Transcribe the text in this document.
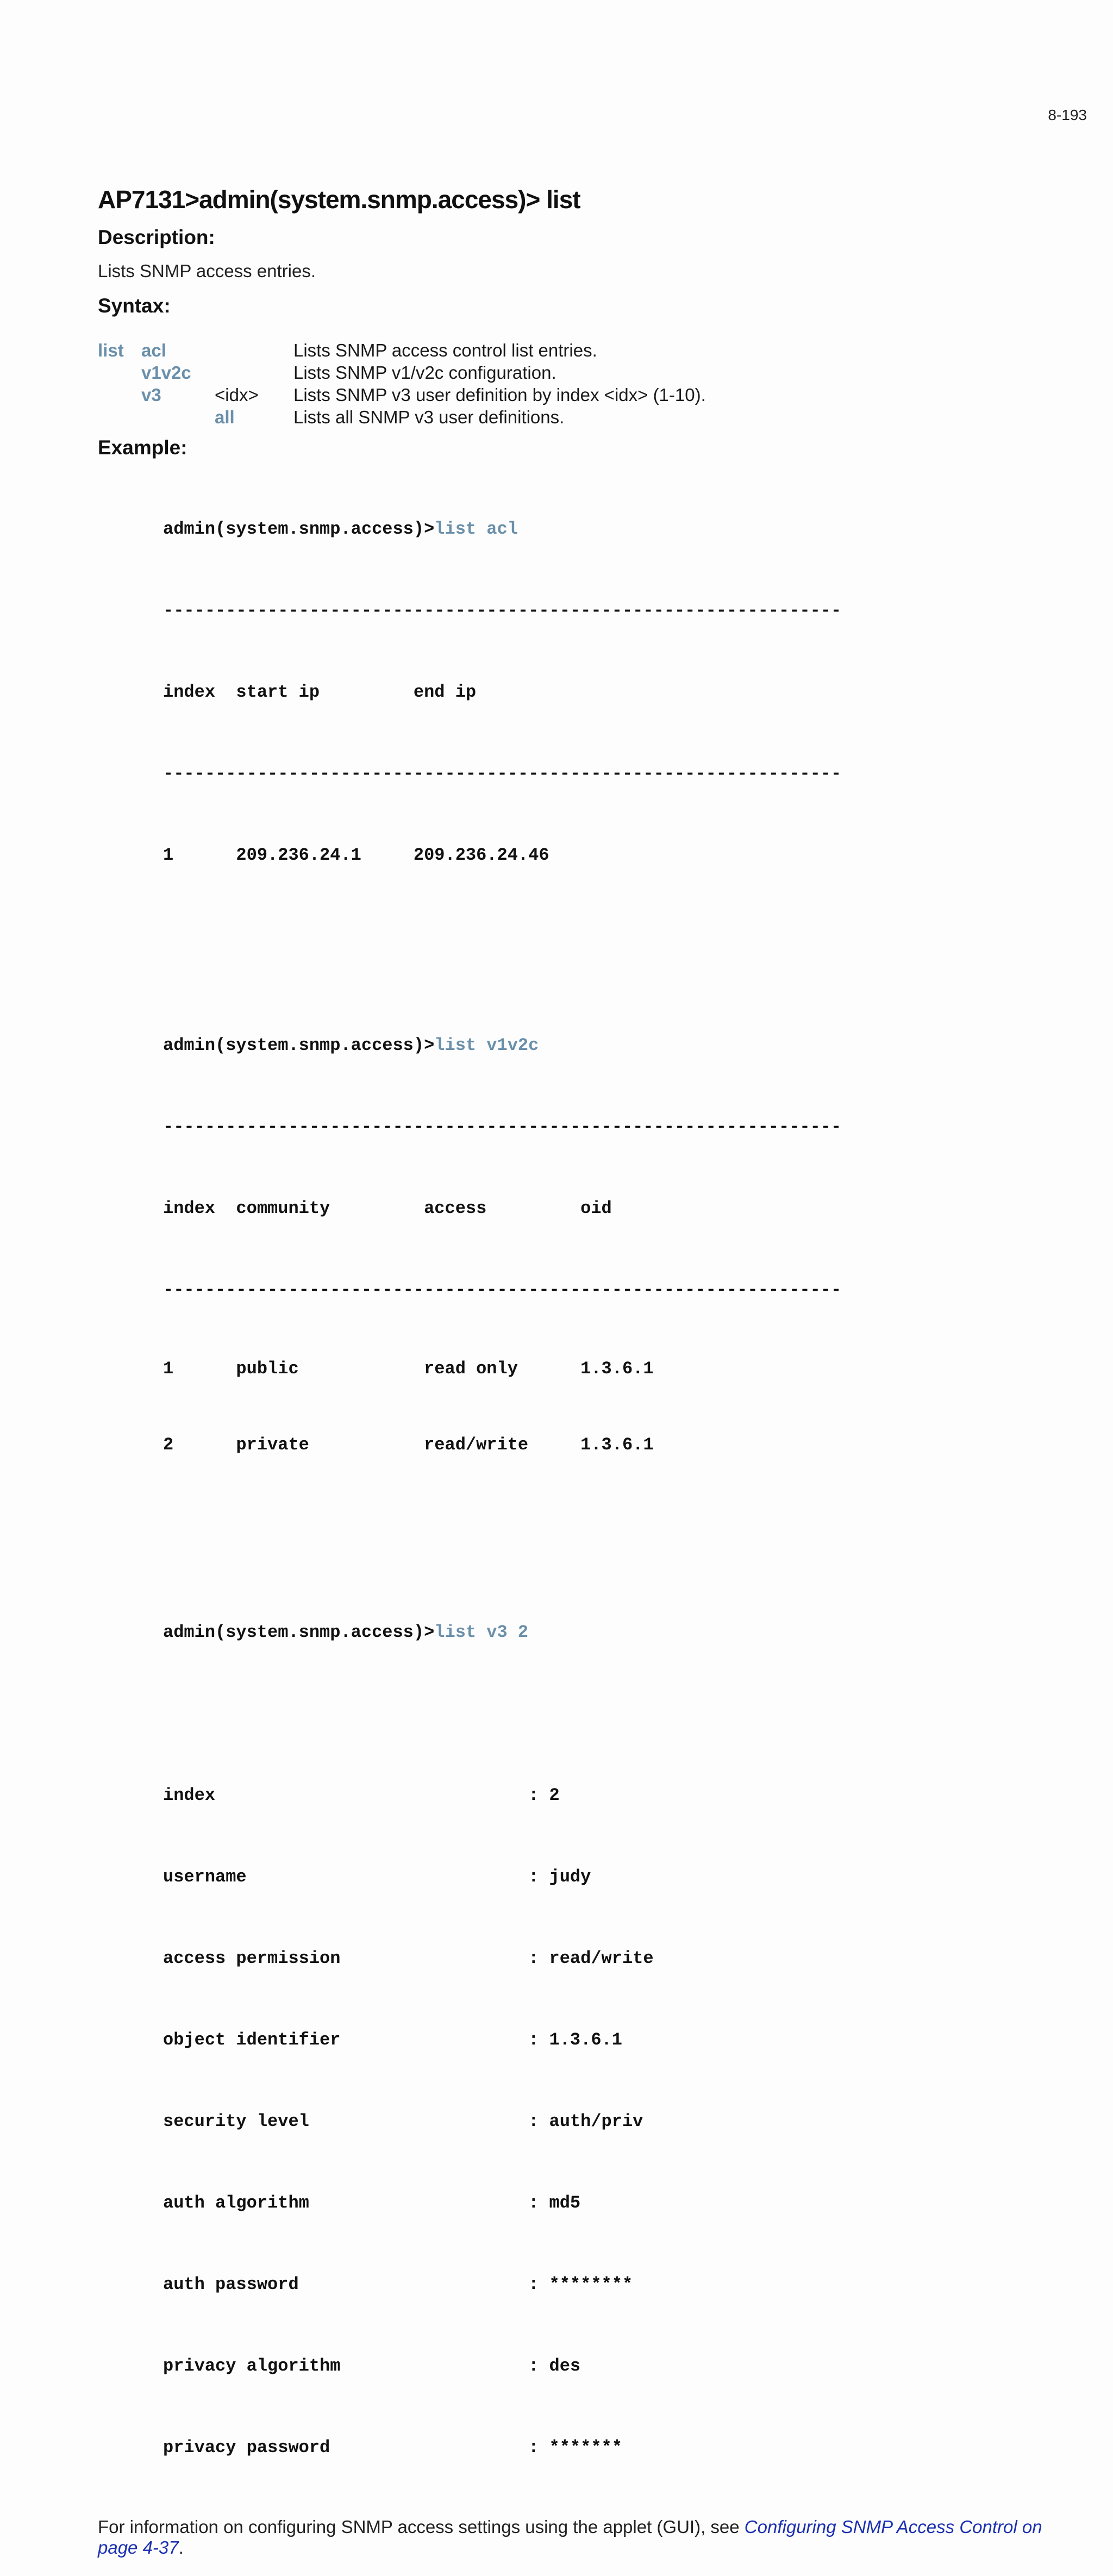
8-193
AP7131>admin(system.snmp.access)> list
Description:

Lists SNMP access entries.

Syntax:
list acl	Lists SNMP access control list entries.
v1v2c	Lists SNMP v1/v2c configuration.
v3	<idx> Lists SNMP v3 user definition by index <idx> (1-10).
all	Lists all SNMP v3 user definitions.
Example:

admin(system.snmp.access)>list acl

-----------------------------------------------------------------

index  start ip         end ip

-----------------------------------------------------------------

1      209.236.24.1     209.236.24.46

admin(system.snmp.access)>list v1v2c

-----------------------------------------------------------------

index  community         access         oid

-----------------------------------------------------------------

1      public            read only      1.3.6.1

2      private           read/write     1.3.6.1

admin(system.snmp.access)>list v3 2

index                              : 2

username                           : judy

access permission                  : read/write

object identifier                  : 1.3.6.1

security level                     : auth/priv

auth algorithm                     : md5

auth password                      : ********

privacy algorithm                  : des

privacy password                   : *******

For information on configuring SNMP access settings using the applet (GUI), see Configuring SNMP Access Control on page 4-37.
